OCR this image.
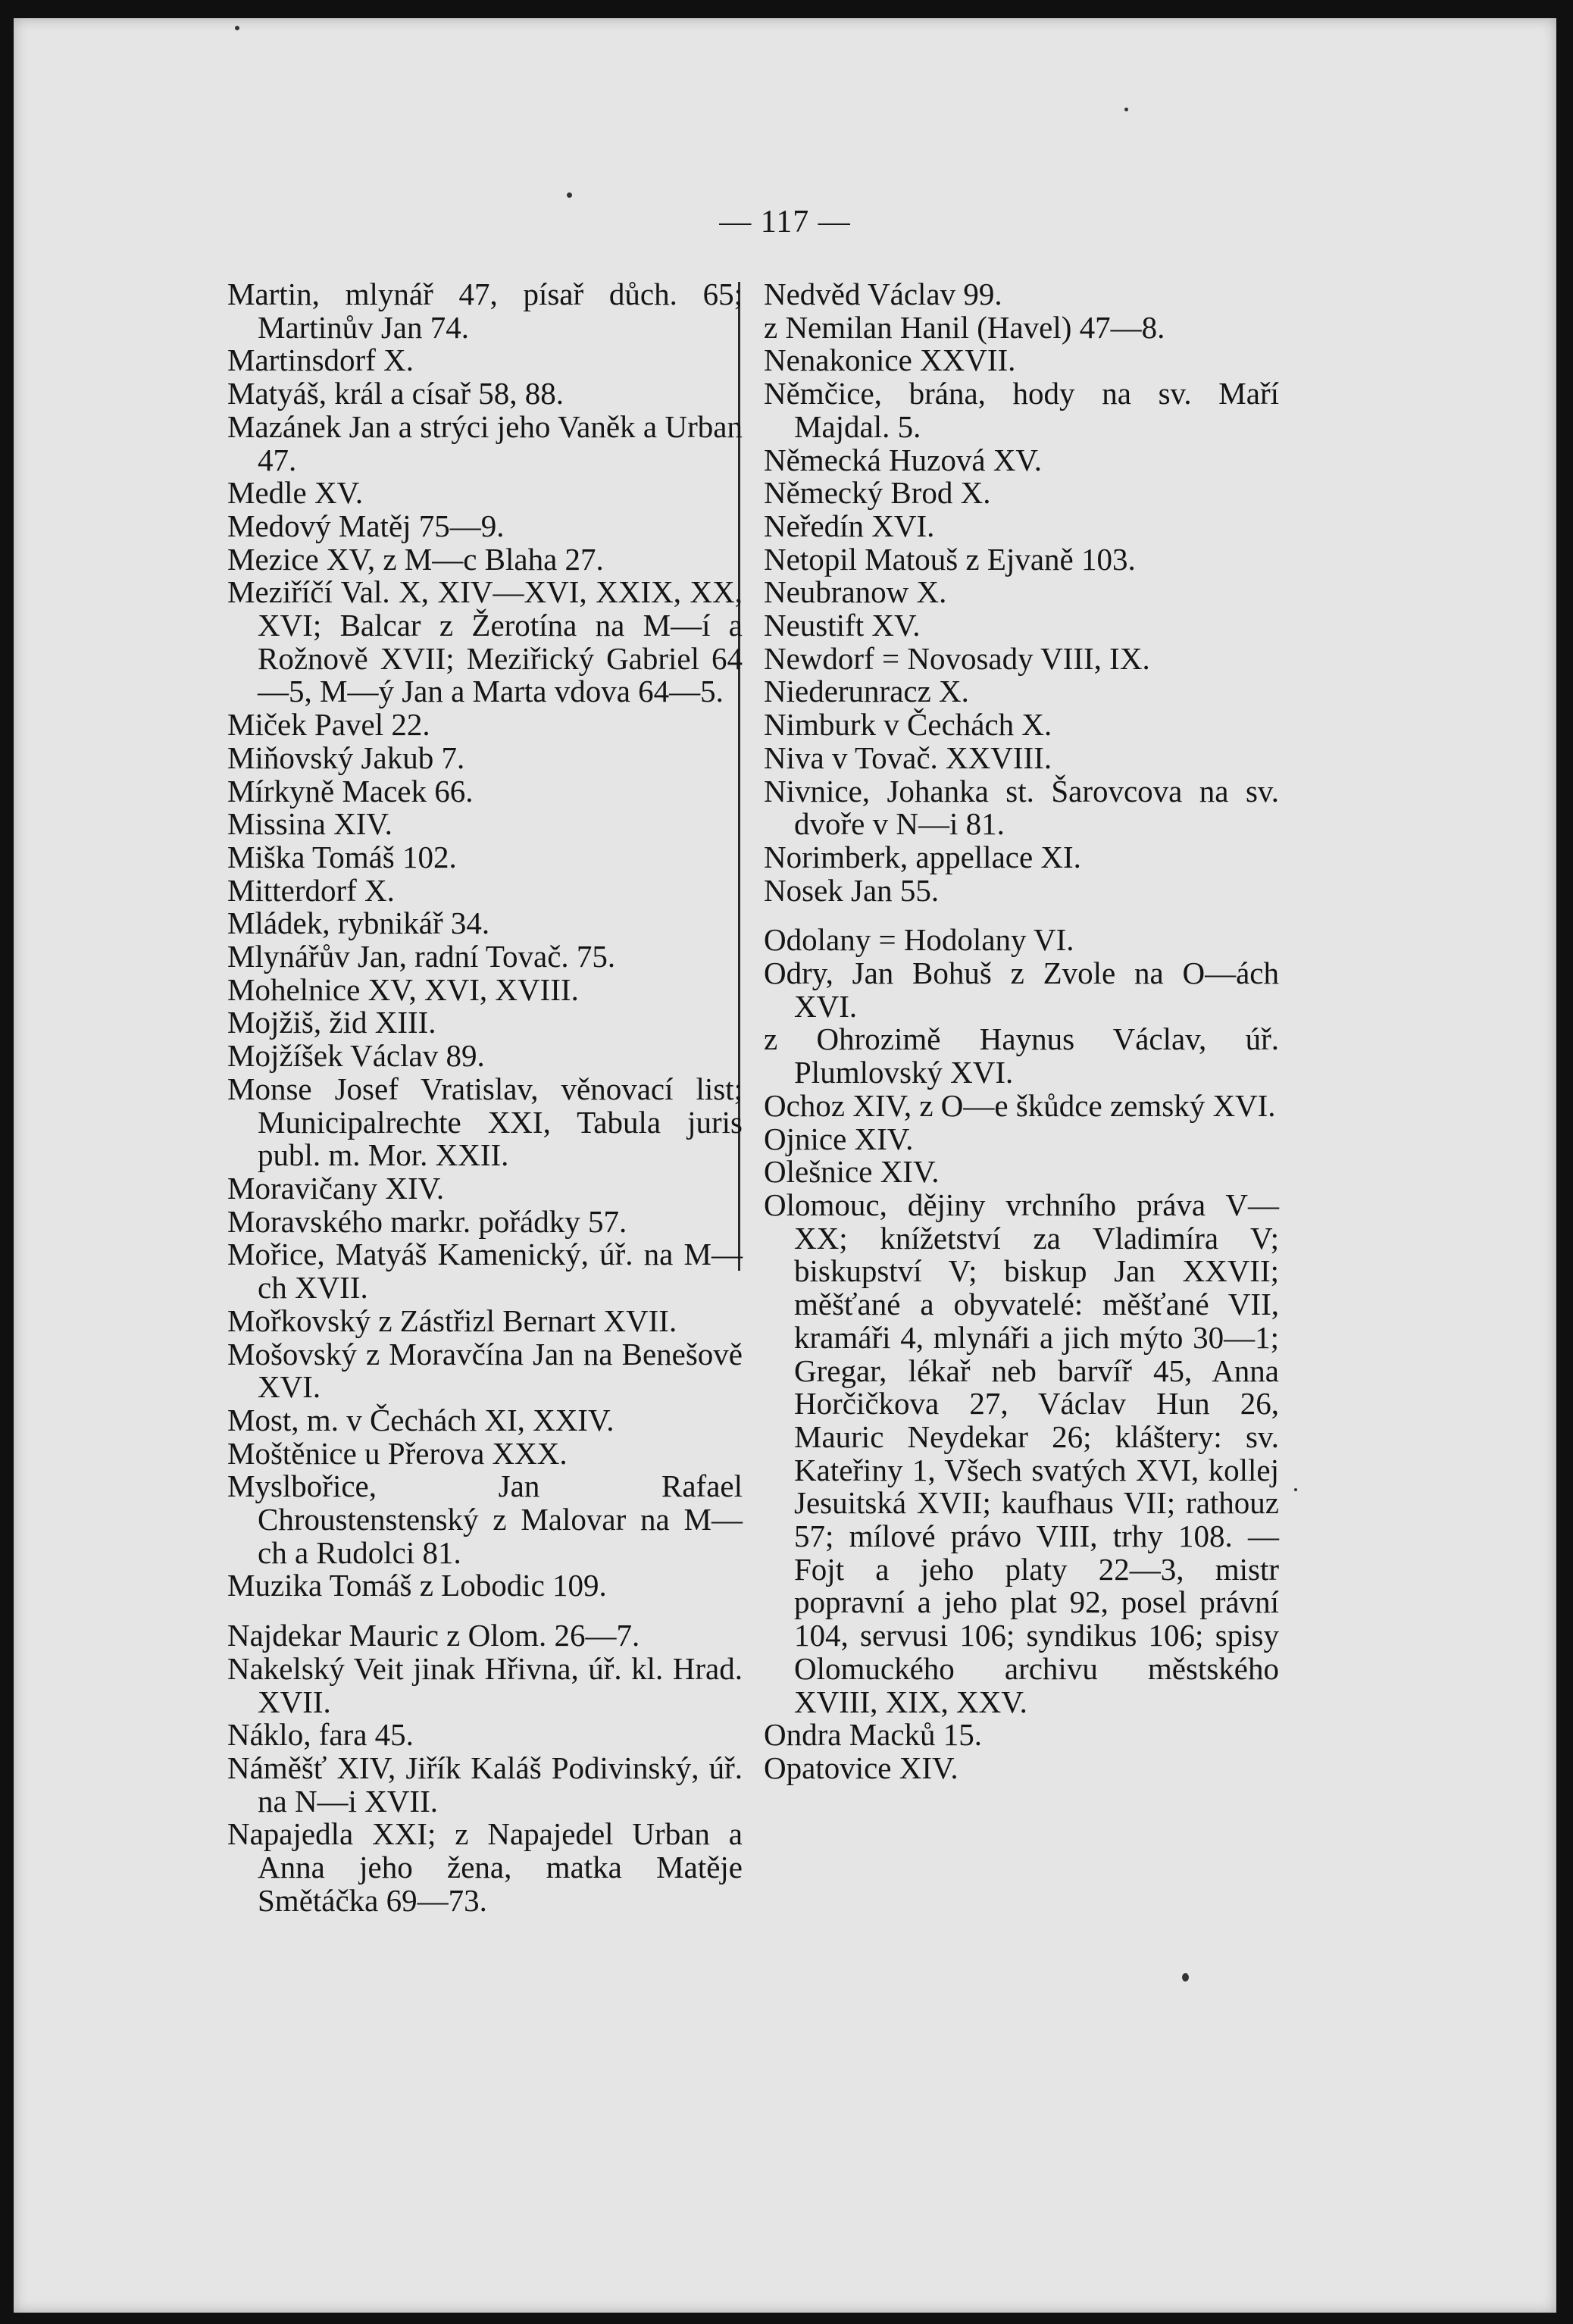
— 117 —

Martin, mlynář 47, písař důch. 65; Martinův Jan 74.

Martinsdorf X.

Matyáš, král a císař 58, 88.

Mazánek Jan a strýci jeho Vaněk a Urban 47.

Medle XV.

Medový Matěj 75—9.

Mezice XV, z M—c Blaha 27.

Meziříčí Val. X, XIV—XVI, XXIX, XX, XVI; Balcar z Žerotína na M—í a Rožnově XVII; Meziřický Gabriel 64—5, M—ý Jan a Marta vdova 64—5.

Miček Pavel 22.

Miňovský Jakub 7.

Mírkyně Macek 66.

Missina XIV.

Miška Tomáš 102.

Mitterdorf X.

Mládek, rybnikář 34.

Mlynářův Jan, radní Tovač. 75.

Mohelnice XV, XVI, XVIII.

Mojžiš, žid XIII.

Mojžíšek Václav 89.

Monse Josef Vratislav, věnovací list; Municipalrechte XXI, Tabula juris publ. m. Mor. XXII.

Moravičany XIV.

Moravského markr. pořádky 57.

Mořice, Matyáš Kamenický, úř. na M—ch XVII.

Mořkovský z Zástřizl Bernart XVII.

Mošovský z Moravčína Jan na Benešově XVI.

Most, m. v Čechách XI, XXIV.

Moštěnice u Přerova XXX.

Myslbořice, Jan Rafael Chroustenstenský z Malovar na M—ch a Rudolci 81.

Muzika Tomáš z Lobodic 109.

Najdekar Mauric z Olom. 26—7.

Nakelský Veit jinak Hřivna, úř. kl. Hrad. XVII.

Náklo, fara 45.

Náměšť XIV, Jiřík Kaláš Podivinský, úř. na N—i XVII.

Napajedla XXI; z Napajedel Urban a Anna jeho žena, matka Matěje Smětáčka 69—73.

Nedvěd Václav 99.

z Nemilan Hanil (Havel) 47—8.

Nenakonice XXVII.

Němčice, brána, hody na sv. Maří Majdal. 5.

Německá Huzová XV.

Německý Brod X.

Neředín XVI.

Netopil Matouš z Ejvaně 103.

Neubranow X.

Neustift XV.

Newdorf = Novosady VIII, IX.

Niederunracz X.

Nimburk v Čechách X.

Niva v Tovač. XXVIII.

Nivnice, Johanka st. Šarovcova na sv. dvoře v N—i 81.

Norimberk, appellace XI.

Nosek Jan 55.

Odolany = Hodolany VI.

Odry, Jan Bohuš z Zvole na O—ách XVI.

z Ohrozimě Haynus Václav, úř. Plumlovský XVI.

Ochoz XIV, z O—e škůdce zemský XVI.

Ojnice XIV.

Olešnice XIV.

Olomouc, dějiny vrchního práva V—XX; knížetství za Vladimíra V; biskupství V; biskup Jan XXVII; měšťané a obyvatelé: měšťané VII, kramáři 4, mlynáři a jich mýto 30—1; Gregar, lékař neb barvíř 45, Anna Horčičkova 27, Václav Hun 26, Mauric Neydekar 26; kláštery: sv. Kateřiny 1, Všech svatých XVI, kollej Jesuitská XVII; kaufhaus VII; rathouz 57; mílové právo VIII, trhy 108. — Fojt a jeho platy 22—3, mistr popravní a jeho plat 92, posel právní 104, servusi 106; syndikus 106; spisy Olomuckého archivu městského XVIII, XIX, XXV.

Ondra Macků 15.

Opatovice XIV.
